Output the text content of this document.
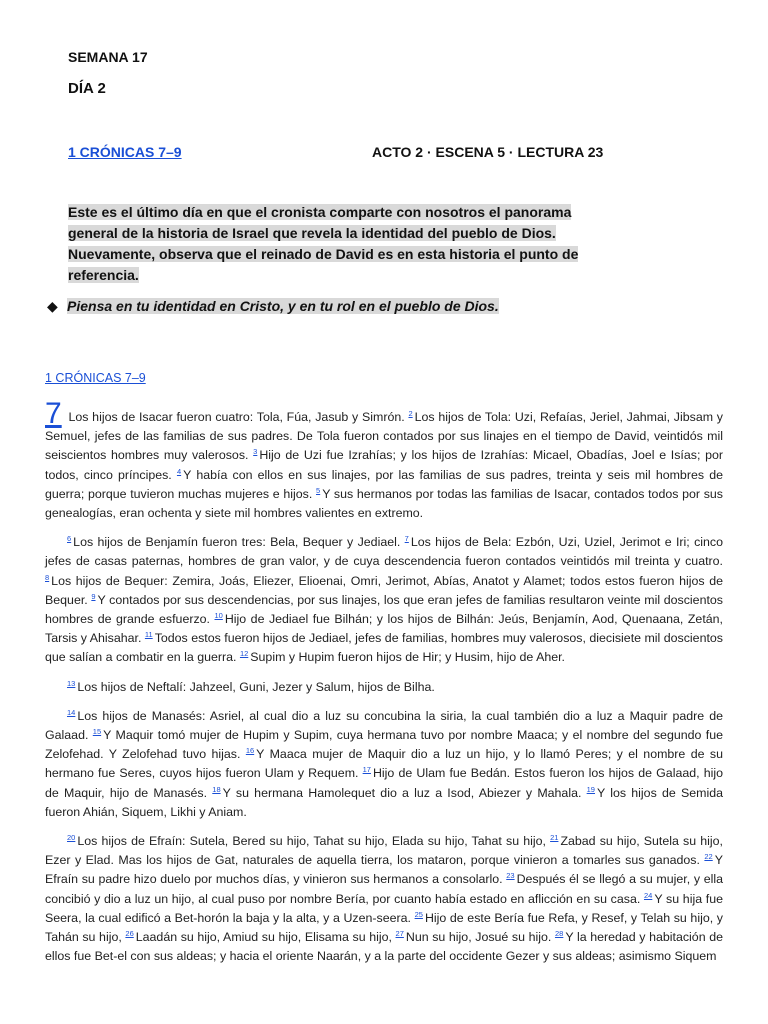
SEMANA 17
DÍA 2
1 CRÓNICAS 7–9	ACTO 2 · ESCENA 5 · LECTURA 23
Este es el último día en que el cronista comparte con nosotros el panorama general de la historia de Israel que revela la identidad del pueblo de Dios. Nuevamente, observa que el reinado de David es en esta historia el punto de referencia.
◆ Piensa en tu identidad en Cristo, y en tu rol en el pueblo de Dios.
1 CRÓNICAS 7–9

7 Los hijos de Isacar fueron cuatro: Tola, Fúa, Jasub y Simrón. $^2$ Los hijos de Tola: Uzi, Refaías, Jeriel, Jahmai, Jibsam y Semuel, jefes de las familias de sus padres. De Tola fueron contados por sus linajes en el tiempo de David, veintidós mil seiscientos hombres muy valerosos. $^3$ Hijo de Uzi fue Izrahías; y los hijos de Izrahías: Micael, Obadías, Joel e Isías; por todos, cinco príncipes. $^4$ Y había con ellos en sus linajes, por las familias de sus padres, treinta y seis mil hombres de guerra; porque tuvieron muchas mujeres e hijos. $^5$ Y sus hermanos por todas las familias de Isacar, contados todos por sus genealogías, eran ochenta y siete mil hombres valientes en extremo.

$^6$ Los hijos de Benjamín fueron tres: Bela, Bequer y Jediael. $^7$ Los hijos de Bela: Ezbón, Uzi, Uziel, Jerimot e Iri; cinco jefes de casas paternas, hombres de gran valor, y de cuya descendencia fueron contados veintidós mil treinta y cuatro. $^8$ Los hijos de Bequer: Zemira, Joás, Eliezer, Elioenai, Omri, Jerimot, Abías, Anatot y Alamet; todos estos fueron hijos de Bequer. $^9$ Y contados por sus descendencias, por sus linajes, los que eran jefes de familias resultaron veinte mil doscientos hombres de grande esfuerzo. $^{10}$ Hijo de Jediael fue Bilhán; y los hijos de Bilhán: Jeús, Benjamín, Aod, Quenaana, Zetán, Tarsis y Ahisahar. $^{11}$ Todos estos fueron hijos de Jediael, jefes de familias, hombres muy valerosos, diecisiete mil doscientos que salían a combatir en la guerra. $^{12}$ Supim y Hupim fueron hijos de Hir; y Husim, hijo de Aher.

$^{13}$ Los hijos de Neftalí: Jahzeel, Guni, Jezer y Salum, hijos de Bilha.

$^{14}$ Los hijos de Manasés: Asriel, al cual dio a luz su concubina la siria, la cual también dio a luz a Maquir padre de Galaad. $^{15}$ Y Maquir tomó mujer de Hupim y Supim, cuya hermana tuvo por nombre Maaca; y el nombre del segundo fue Zelofehad. Y Zelofehad tuvo hijas. $^{16}$ Y Maaca mujer de Maquir dio a luz un hijo, y lo llamó Peres; y el nombre de su hermano fue Seres, cuyos hijos fueron Ulam y Requem. $^{17}$ Hijo de Ulam fue Bedán. Estos fueron los hijos de Galaad, hijo de Maquir, hijo de Manasés. $^{18}$ Y su hermana Hamolequet dio a luz a Isod, Abiezer y Mahala. $^{19}$ Y los hijos de Semida fueron Ahián, Siquem, Likhi y Aniam.

$^{20}$ Los hijos de Efraín: Sutela, Bered su hijo, Tahat su hijo, Elada su hijo, Tahat su hijo, $^{21}$ Zabad su hijo, Sutela su hijo, Ezer y Elad. Mas los hijos de Gat, naturales de aquella tierra, los mataron, porque vinieron a tomarles sus ganados. $^{22}$ Y Efraín su padre hizo duelo por muchos días, y vinieron sus hermanos a consolarlo. $^{23}$ Después él se llegó a su mujer, y ella concibió y dio a luz un hijo, al cual puso por nombre Bería, por cuanto había estado en aflicción en su casa. $^{24}$ Y su hija fue Seera, la cual edificó a Bet-horón la baja y la alta, y a Uzen-seera. $^{25}$ Hijo de este Bería fue Refa, y Resef, y Telah su hijo, y Tahán su hijo, $^{26}$ Laadán su hijo, Amiud su hijo, Elisama su hijo, $^{27}$ Nun su hijo, Josué su hijo. $^{28}$ Y la heredad y habitación de ellos fue Bet-el con sus aldeas; y hacia el oriente Naarán, y a la parte del occidente Gezer y sus aldeas; asimismo Siquem
